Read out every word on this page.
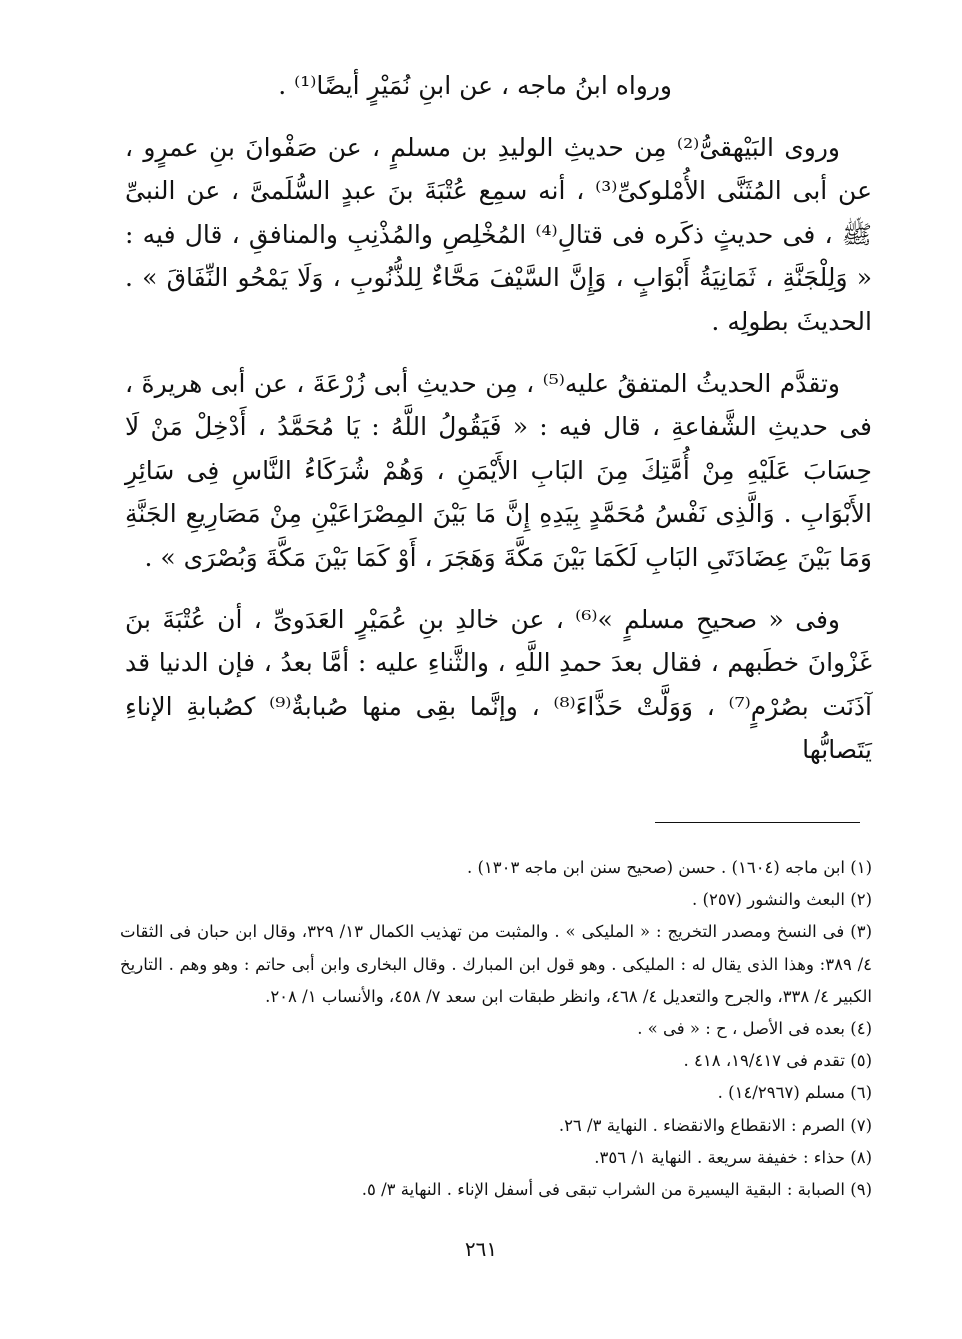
ورواه ابنُ ماجه ، عن ابنِ نُمَيْرٍ أيضًا⁽¹⁾ .

وروى البَيْهقىُّ⁽²⁾ مِن حديثِ الوليدِ بن مسلمٍ ، عن صَفْوانَ بنِ عمرٍو ، عن أبى المُثَنَّى الأُمْلوكىِّ⁽³⁾ ، أنه سمِع عُتْبَةَ بنَ عبدٍ السُّلَمىَّ ، عن النبىِّ ﷺ ، فى حديثٍ ذكَره فى قتالِ⁽⁴⁾ المُخْلِصِ والمُذْنِبِ والمنافقِ ، قال فيه : « وَلِلْجَنَّةِ ، ثَمَانِيَةُ أَبْوَابٍ ، وَإِنَّ السَّيْفَ مَحَّاءٌ لِلذُّنُوبِ ، وَلَا يَمْحُو النِّفَاقَ » . الحديثَ بطولِه .

وتقدَّم الحديثُ المتفقُ عليه⁽⁵⁾ ، مِن حديثِ أبى زُرْعَةَ ، عن أبى هريرةَ ، فى حديثِ الشَّفاعةِ ، قال فيه : « فَيَقُولُ اللَّهُ : يَا مُحَمَّدُ ، أَدْخِلْ مَنْ لَا حِسَابَ عَلَيْهِ مِنْ أُمَّتِكَ مِنَ البَابِ الأَيْمَنِ ، وَهُمْ شُرَكَاءُ النَّاسِ فِى سَائِرِ الأَبْوَابِ . وَالَّذِى نَفْسُ مُحَمَّدٍ بِيَدِهِ إِنَّ مَا بَيْنَ المِصْرَاعَيْنِ مِنْ مَصَارِيعِ الجَنَّةِ وَمَا بَيْنَ عِضَادَتَىِ البَابِ لَكَمَا بَيْنَ مَكَّةَ وَهَجَرَ ، أَوْ كَمَا بَيْنَ مَكَّةَ وَبُصْرَى » .

وفى « صحيحِ مسلمٍ »⁽⁶⁾ ، عن خالدِ بنِ عُمَيْرٍ العَدَوىِّ ، أن عُتْبَةَ بنَ غَزْوانَ خطَبهم ، فقال بعدَ حمدِ اللَّهِ ، والثَّناءِ عليه : أمَّا بعدُ ، فإن الدنيا قد آذَنَت بصُرْمٍ⁽⁷⁾ ، وَوَلَّتْ حَذَّاءَ⁽⁸⁾ ، وإنَّما بقِى منها صُبابةٌ⁽⁹⁾ كصُبابةِ الإناءِ يَتَصابُّها

(١) ابن ماجه (١٦٠٤) . حسن (صحيح سنن ابن ماجه ١٣٠٣) .

(٢) البعث والنشور (٢٥٧) .

(٣) فى النسخ ومصدر التخريج : « المليكى » . والمثبت من تهذيب الكمال ١٣/ ٣٢٩، وقال ابن حبان فى الثقات ٤/ ٣٨٩: وهذا الذى يقال له : المليكى . وهو قول ابن المبارك . وقال البخارى وابن أبى حاتم : وهو وهم . التاريخ الكبير ٤/ ٣٣٨، والجرح والتعديل ٤/ ٤٦٨، وانظر طبقات ابن سعد ٧/ ٤٥٨، والأنساب ١/ ٢٠٨.

(٤) بعده فى الأصل ، ح : « فى » .

(٥) تقدم فى ١٩/٤١٧، ٤١٨ .

(٦) مسلم (١٤/٢٩٦٧) .

(٧) الصرم : الانقطاع والانقضاء . النهاية ٣/ ٢٦.

(٨) حذاء : خفيفة سريعة . النهاية ١/ ٣٥٦.

(٩) الصبابة : البقية اليسيرة من الشراب تبقى فى أسفل الإناء . النهاية ٣/ ٥.

٢٦١
